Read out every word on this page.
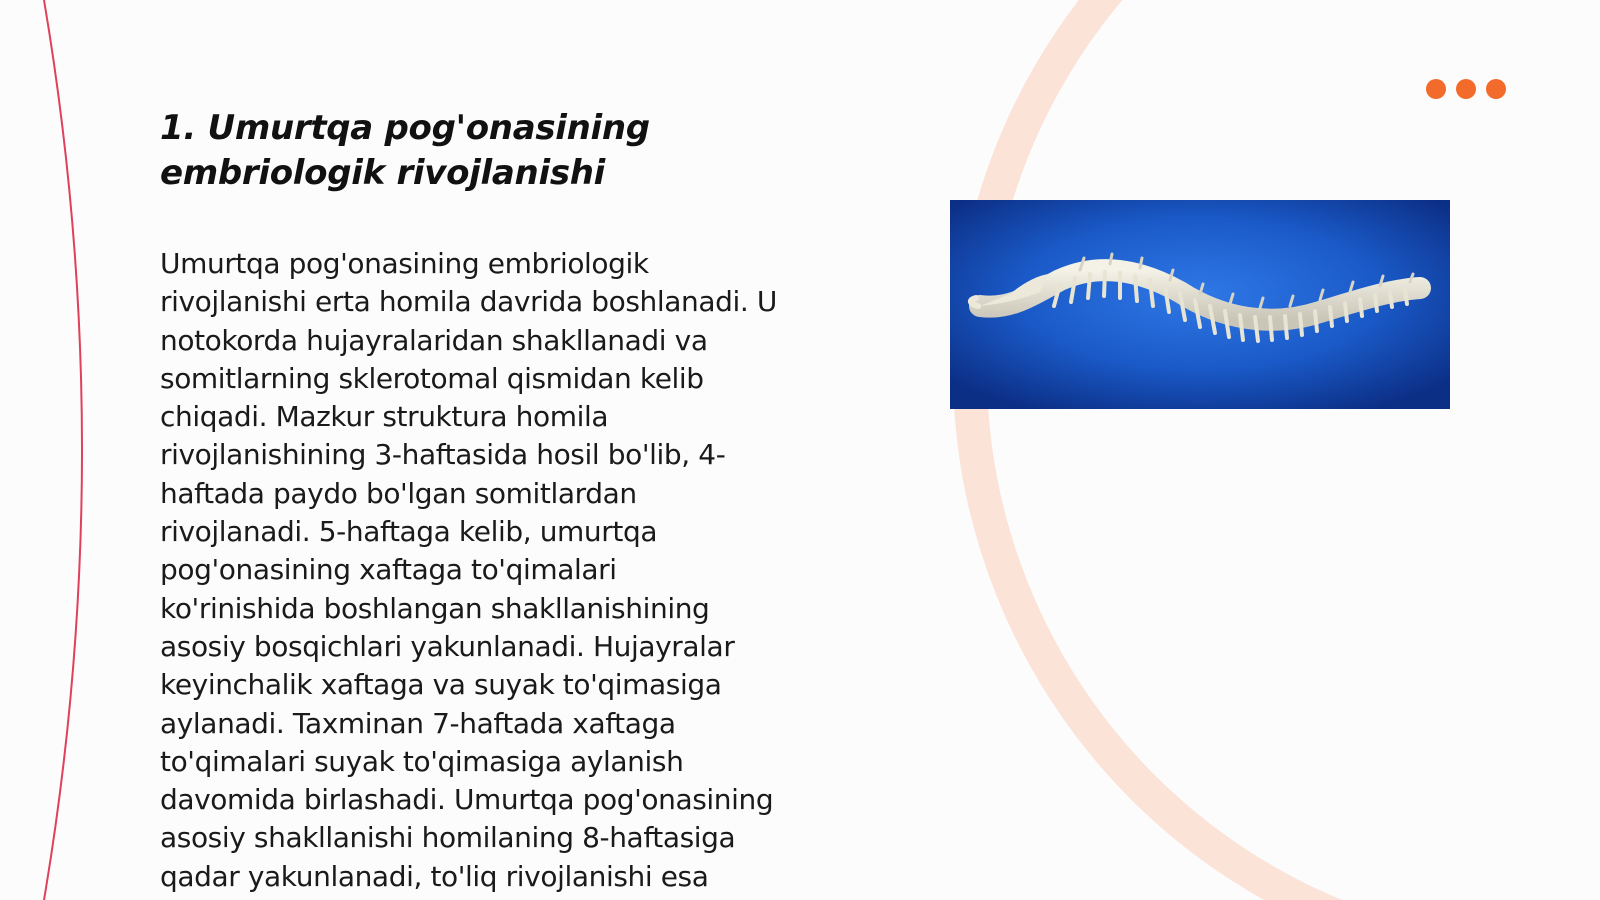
1. Umurtqa pog'onasining
embriologik rivojlanishi
Umurtqa pog'onasining embriologik
rivojlanishi erta homila davrida boshlanadi. U
notokorda hujayralaridan shakllanadi va
somitlarning sklerotomal qismidan kelib
chiqadi. Mazkur struktura homila
rivojlanishining 3-haftasida hosil bo'lib, 4-
haftada paydo bo'lgan somitlardan
rivojlanadi. 5-haftaga kelib, umurtqa
pog'onasining xaftaga to'qimalari
ko'rinishida boshlangan shakllanishining
asosiy bosqichlari yakunlanadi. Hujayralar
keyinchalik xaftaga va suyak to'qimasiga
aylanadi. Taxminan 7-haftada xaftaga
to'qimalari suyak to'qimasiga aylanish
davomida birlashadi. Umurtqa pog'onasining
asosiy shakllanishi homilaning 8-haftasiga
qadar yakunlanadi, to'liq rivojlanishi esa
